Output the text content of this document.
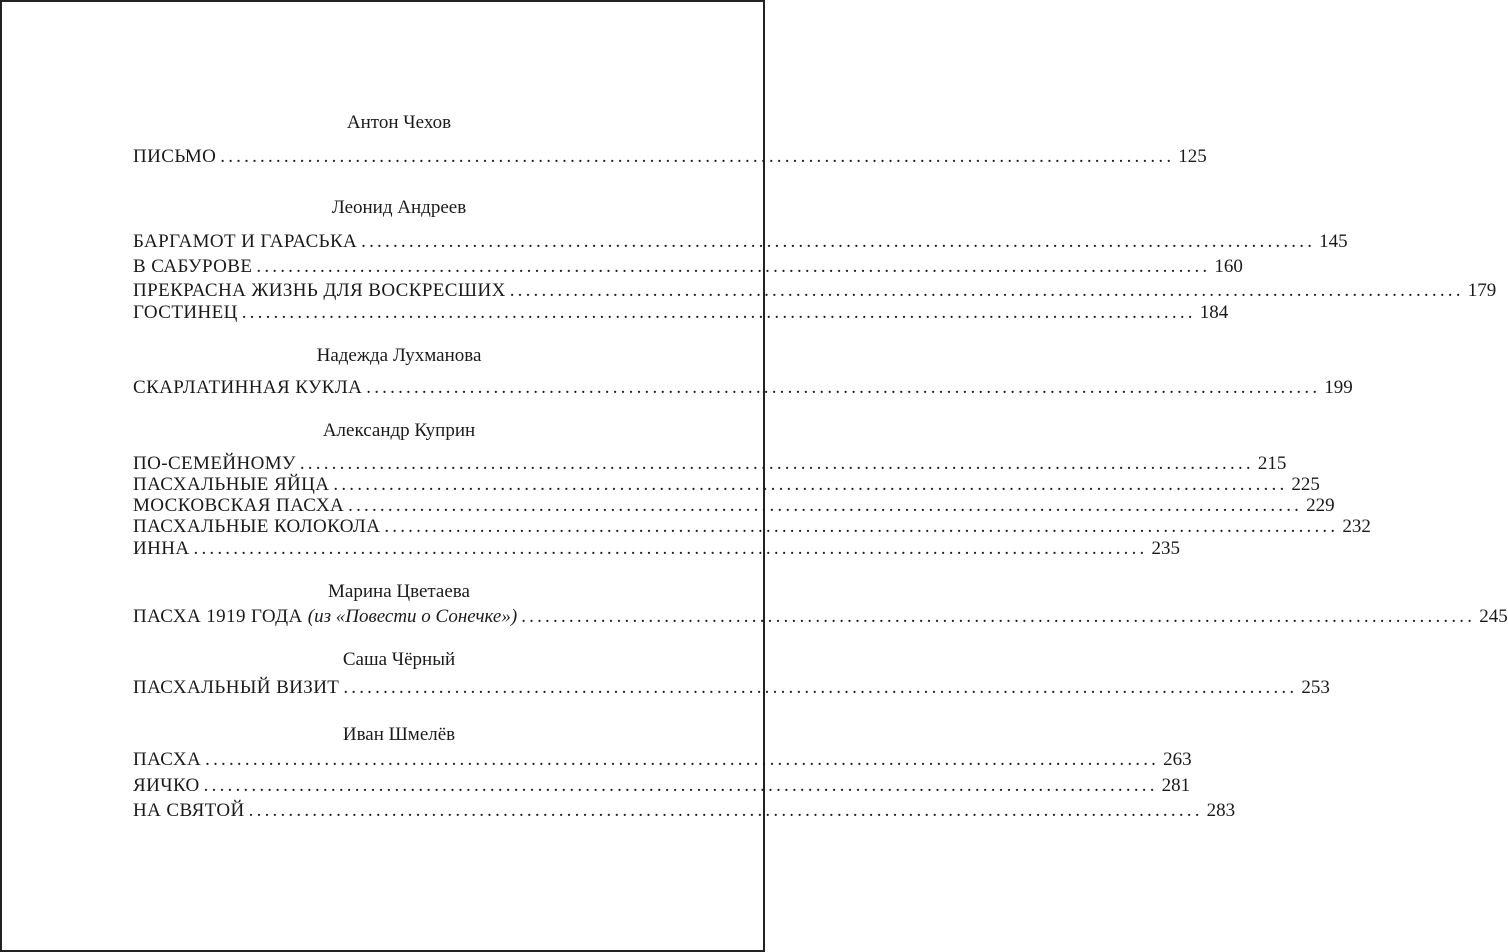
Антон Чехов
ПИСЬМО ........................................................................................................................ 125
Леонид Андреев
БАРГАМОТ И ГАРАСЬКА ........................................................................................................................ 145
В САБУРОВЕ ........................................................................................................................ 160
ПРЕКРАСНА ЖИЗНЬ ДЛЯ ВОСКРЕСШИХ ........................................................................................................................ 179
ГОСТИНЕЦ ........................................................................................................................ 184
Надежда Лухманова
СКАРЛАТИННАЯ КУКЛА ........................................................................................................................ 199
Александр Куприн
ПО-СЕМЕЙНОМУ ........................................................................................................................ 215
ПАСХАЛЬНЫЕ ЯЙЦА ........................................................................................................................ 225
МОСКОВСКАЯ ПАСХА ........................................................................................................................ 229
ПАСХАЛЬНЫЕ КОЛОКОЛА ........................................................................................................................ 232
ИННА ........................................................................................................................ 235
Марина Цветаева
ПАСХА 1919 ГОДА (из «Повести о Сонечке») ........................................................................................................................ 245
Саша Чёрный
ПАСХАЛЬНЫЙ ВИЗИТ ........................................................................................................................ 253
Иван Шмелёв
ПАСХА ........................................................................................................................ 263
ЯИЧКО ........................................................................................................................ 281
НА СВЯТОЙ ........................................................................................................................ 283
